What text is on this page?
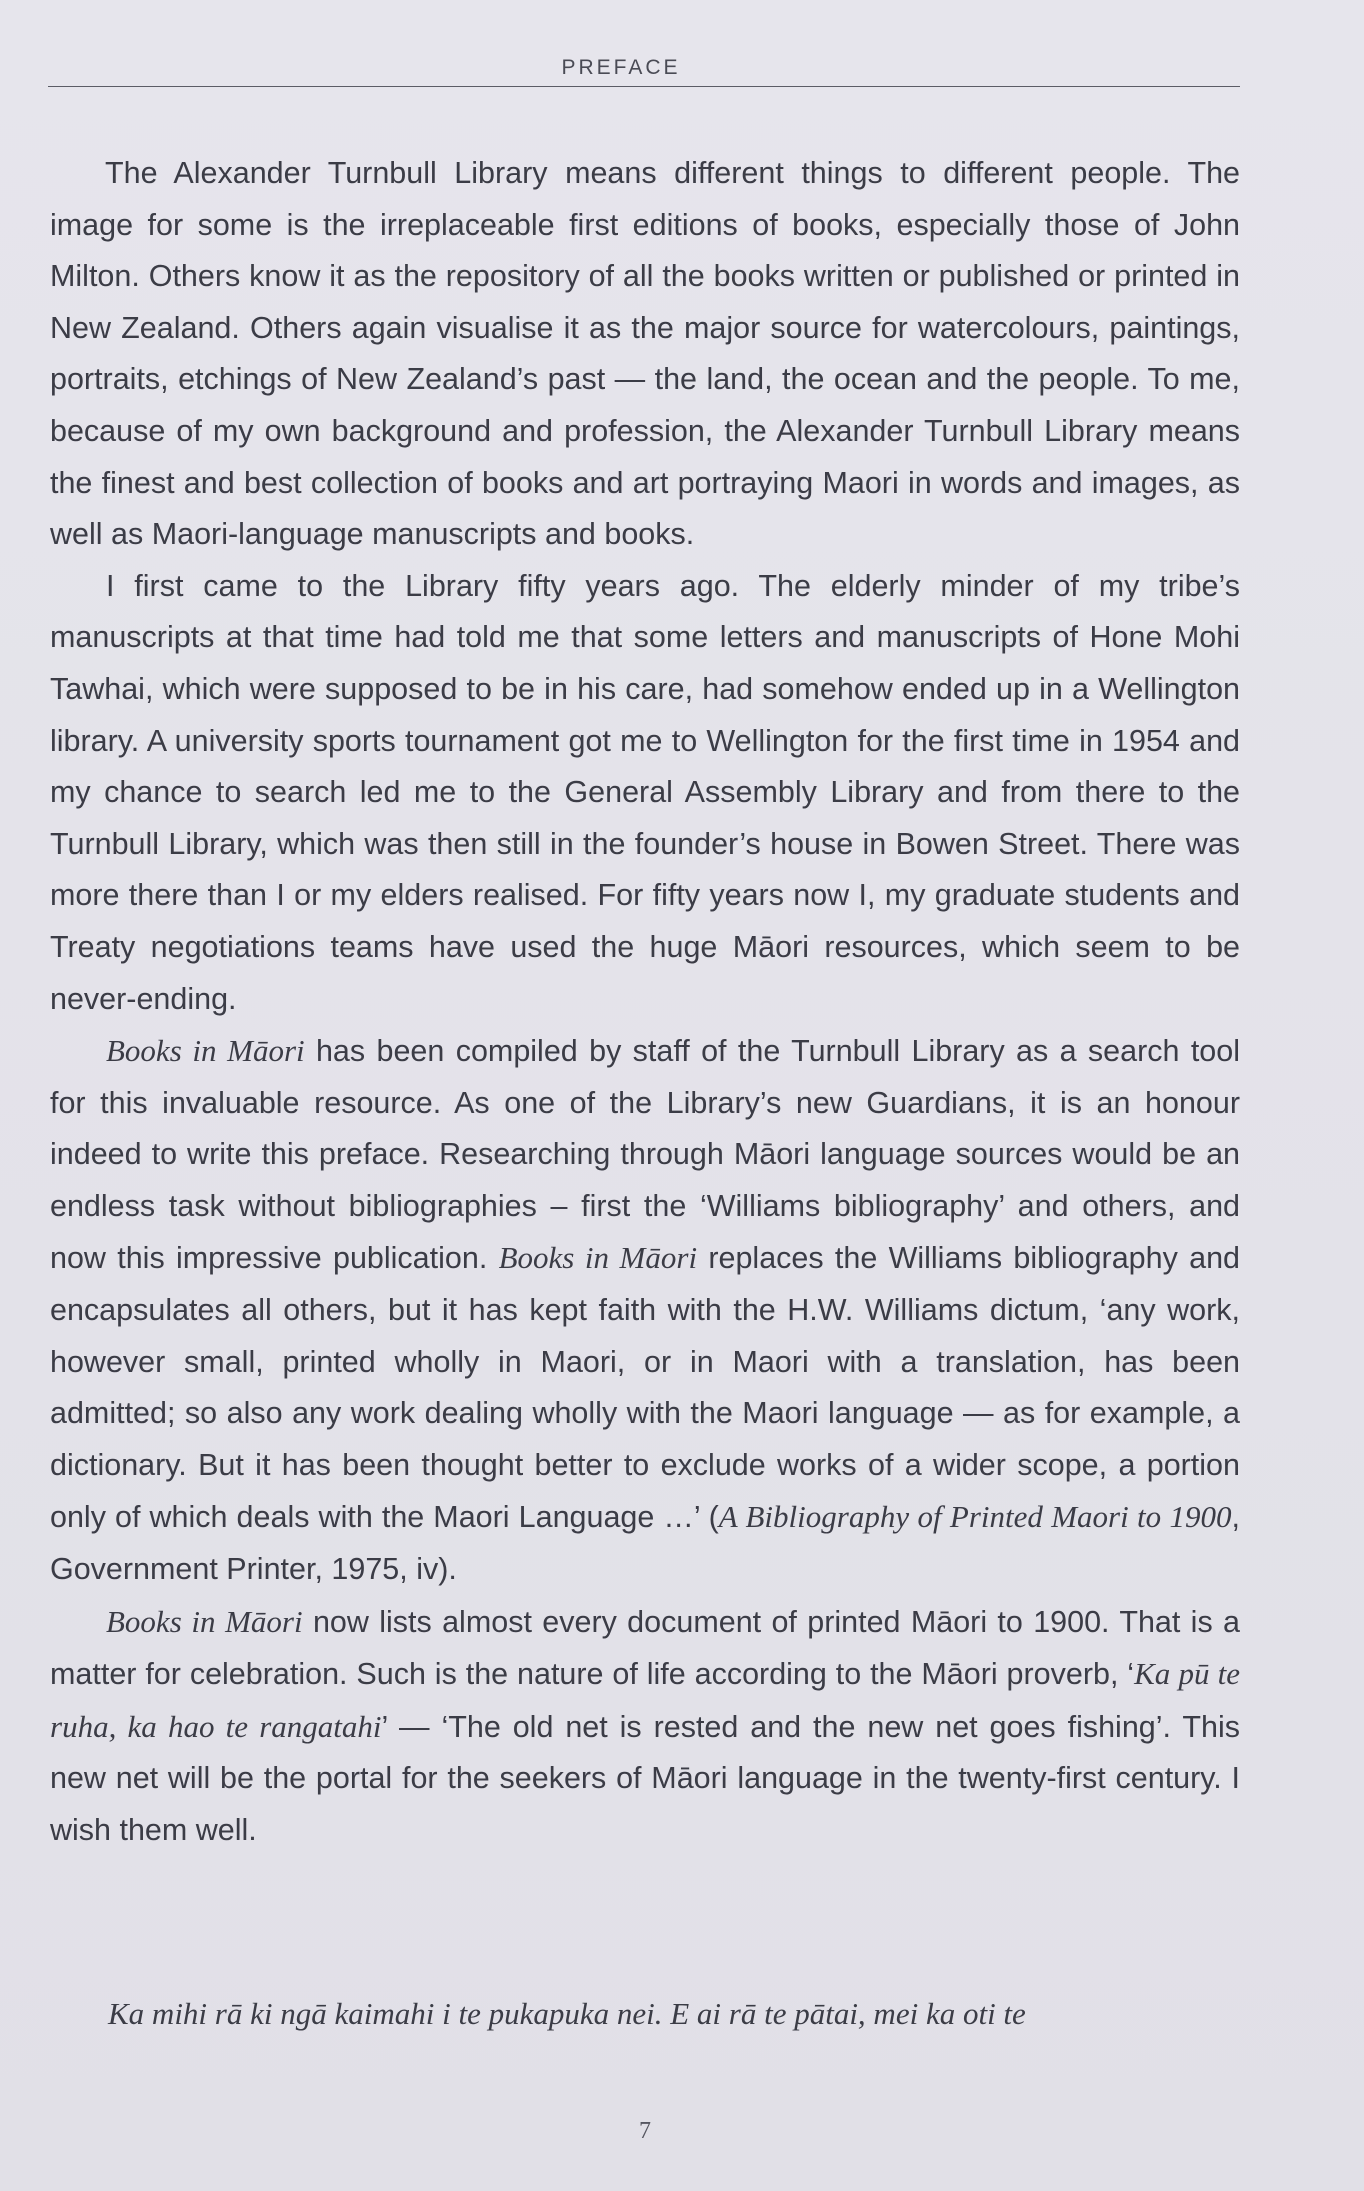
PREFACE

The Alexander Turnbull Library means different things to different people. The image for some is the irreplaceable first editions of books, especially those of John Milton. Others know it as the repository of all the books written or published or printed in New Zealand. Others again visualise it as the major source for watercolours, paintings, portraits, etchings of New Zealand’s past — the land, the ocean and the people. To me, because of my own background and profession, the Alexander Turnbull Library means the finest and best collection of books and art portraying Maori in words and images, as well as Maori-language manuscripts and books.

I first came to the Library fifty years ago. The elderly minder of my tribe’s manuscripts at that time had told me that some letters and manuscripts of Hone Mohi Tawhai, which were supposed to be in his care, had somehow ended up in a Wellington library. A university sports tournament got me to Wellington for the first time in 1954 and my chance to search led me to the General Assembly Library and from there to the Turnbull Library, which was then still in the founder’s house in Bowen Street. There was more there than I or my elders realised. For fifty years now I, my graduate students and Treaty negotiations teams have used the huge Māori resources, which seem to be never-ending.

Books in Māori has been compiled by staff of the Turnbull Library as a search tool for this invaluable resource. As one of the Library’s new Guardians, it is an honour indeed to write this preface. Researching through Māori language sources would be an endless task without bibliographies – first the ‘Williams bibliography’ and others, and now this impressive publication. Books in Māori replaces the Williams bibliography and encapsulates all others, but it has kept faith with the H.W. Williams dictum, ‘any work, however small, printed wholly in Maori, or in Maori with a translation, has been admitted; so also any work dealing wholly with the Maori language — as for example, a dictionary. But it has been thought better to exclude works of a wider scope, a portion only of which deals with the Maori Language …’ (A Bibliography of Printed Maori to 1900, Government Printer, 1975, iv).

Books in Māori now lists almost every document of printed Māori to 1900. That is a matter for celebration. Such is the nature of life according to the Māori proverb, ‘Ka pū te ruha, ka hao te rangatahi’ — ‘The old net is rested and the new net goes fishing’. This new net will be the portal for the seekers of Māori language in the twenty-first century. I wish them well.

Ka mihi rā ki ngā kaimahi i te pukapuka nei. E ai rā te pātai, mei ka oti te
7
